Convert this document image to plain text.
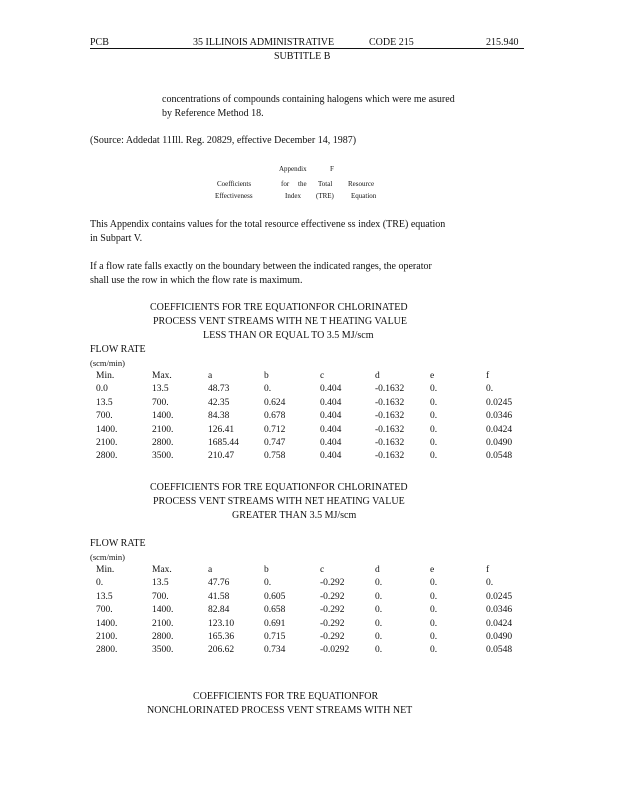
PCB	35 ILLINOIS ADMINISTRATIVE	CODE 215	215.940
SUBTITLE B
concentrations of compounds containing halogens which were me asured
by Reference Method 18.
(Source: Addedat 11Ill. Reg. 20829, effective December 14, 1987)
Appendix	F
Coefficients	for the Total Resource
Effectiveness	Index (TRE) Equation
This Appendix contains values for the total resource effectivene ss index (TRE) equation
in Subpart V.
If a flow rate falls exactly on the boundary between the indicated ranges, the operator
shall use the row in which the flow rate is maximum.
COEFFICIENTS FOR TRE EQUATIONFOR CHLORINATED
PROCESS VENT STREAMS WITH NE T HEATING VALUE
LESS THAN OR EQUAL TO 3.5 MJ/scm
FLOW RATE
(scm/min)
Min.	Max.	a	b	c	d	e	f
0.0	13.5	48.73	0.	0.404	-0.1632	0.	0.
13.5	700.	42.35	0.624	0.404	-0.1632	0.	0.0245
700.	1400.	84.38	0.678	0.404	-0.1632	0.	0.0346
1400.	2100.	126.41	0.712	0.404	-0.1632	0.	0.0424
2100.	2800.	1685.44	0.747	0.404	-0.1632	0.	0.0490
2800.	3500.	210.47	0.758	0.404	-0.1632	0.	0.0548
COEFFICIENTS FOR TRE EQUATIONFOR CHLORINATED
PROCESS VENT STREAMS WITH NET HEATING VALUE
GREATER THAN 3.5 MJ/scm
FLOW RATE
(scm/min)
Min.	Max.	a	b	c	d	e	f
0.	13.5	47.76	0.	-0.292	0.	0.	0.
13.5	700.	41.58	0.605	-0.292	0.	0.	0.0245
700.	1400.	82.84	0.658	-0.292	0.	0.	0.0346
1400.	2100.	123.10	0.691	-0.292	0.	0.	0.0424
2100.	2800.	165.36	0.715	-0.292	0.	0.	0.0490
2800.	3500.	206.62	0.734	-0.0292	0.	0.	0.0548
COEFFICIENTS FOR TRE EQUATIONFOR
NONCHLORINATED PROCESS VENT STREAMS WITH NET
